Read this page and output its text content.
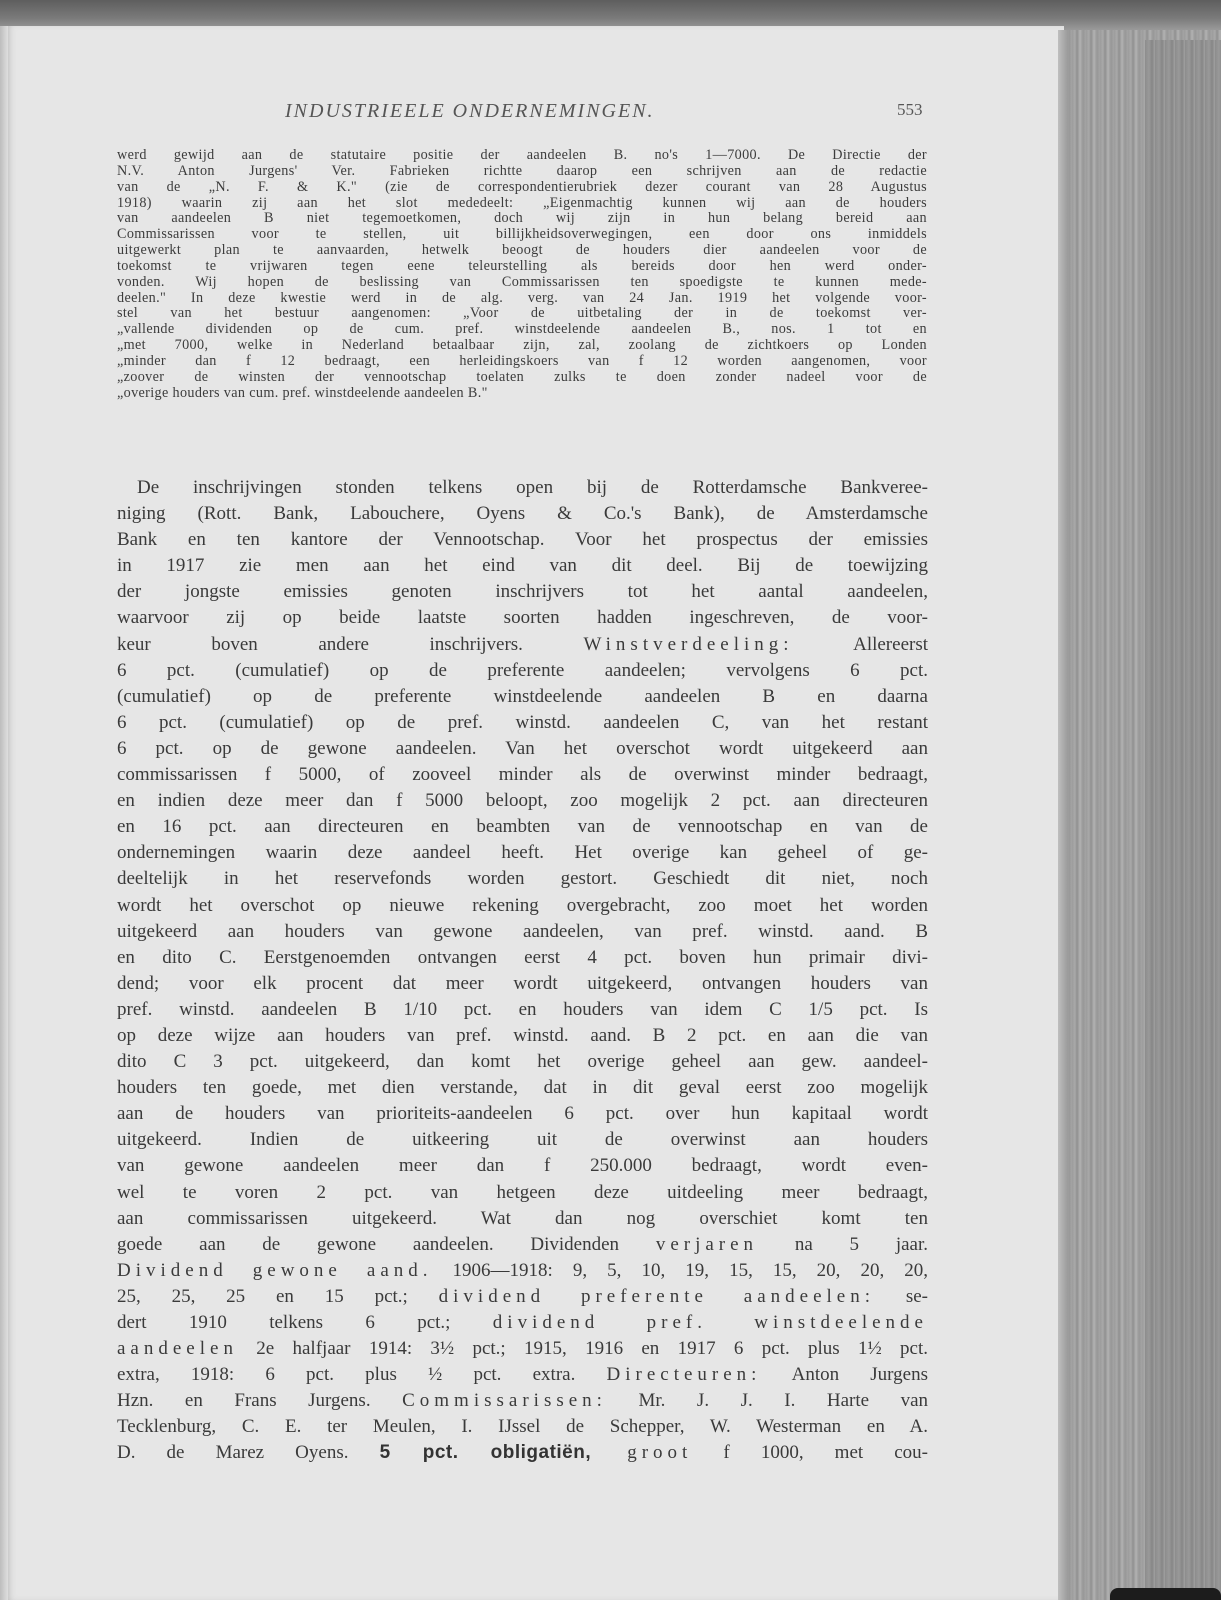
INDUSTRIEELE ONDERNEMINGEN.	553
werd gewijd aan de statutaire positie der aandeelen B. no's 1—7000. De Directie der
N.V. Anton Jurgens' Ver. Fabrieken richtte daarop een schrijven aan de redactie
van de „N. F. & K." (zie de correspondentierubriek dezer courant van 28 Augustus
1918) waarin zij aan het slot mededeelt: „Eigenmachtig kunnen wij aan de houders
van aandeelen B niet tegemoetkomen, doch wij zijn in hun belang bereid aan
Commissarissen voor te stellen, uit billijkheidsoverwegingen, een door ons inmiddels
uitgewerkt plan te aanvaarden, hetwelk beoogt de houders dier aandeelen voor de
toekomst te vrijwaren tegen eene teleurstelling als bereids door hen werd onder-
vonden. Wij hopen de beslissing van Commissarissen ten spoedigste te kunnen mede-
deelen." In deze kwestie werd in de alg. verg. van 24 Jan. 1919 het volgende voor-
stel van het bestuur aangenomen: „Voor de uitbetaling der in de toekomst ver-
„vallende dividenden op de cum. pref. winstdeelende aandeelen B., nos. 1 tot en
„met 7000, welke in Nederland betaalbaar zijn, zal, zoolang de zichtkoers op Londen
„minder dan f 12 bedraagt, een herleidingskoers van f 12 worden aangenomen, voor
„zoover de winsten der vennootschap toelaten zulks te doen zonder nadeel voor de
„overige houders van cum. pref. winstdeelende aandeelen B."
De inschrijvingen stonden telkens open bij de Rotterdamsche Bankveree-
niging (Rott. Bank, Labouchere, Oyens & Co.'s Bank), de Amsterdamsche
Bank en ten kantore der Vennootschap. Voor het prospectus der emissies
in 1917 zie men aan het eind van dit deel. Bij de toewijzing
der jongste emissies genoten inschrijvers tot het aantal aandeelen,
waarvoor zij op beide laatste soorten hadden ingeschreven, de voor-
keur boven andere inschrijvers. Winstverdeeling: Allereerst
6 pct. (cumulatief) op de preferente aandeelen; vervolgens 6 pct.
(cumulatief) op de preferente winstdeelende aandeelen B en daarna
6 pct. (cumulatief) op de pref. winstd. aandeelen C, van het restant
6 pct. op de gewone aandeelen. Van het overschot wordt uitgekeerd aan
commissarissen f 5000, of zooveel minder als de overwinst minder bedraagt,
en indien deze meer dan f 5000 beloopt, zoo mogelijk 2 pct. aan directeuren
en 16 pct. aan directeuren en beambten van de vennootschap en van de
ondernemingen waarin deze aandeel heeft. Het overige kan geheel of ge-
deeltelijk in het reservefonds worden gestort. Geschiedt dit niet, noch
wordt het overschot op nieuwe rekening overgebracht, zoo moet het worden
uitgekeerd aan houders van gewone aandeelen, van pref. winstd. aand. B
en dito C. Eerstgenoemden ontvangen eerst 4 pct. boven hun primair divi-
dend; voor elk procent dat meer wordt uitgekeerd, ontvangen houders van
pref. winstd. aandeelen B 1/10 pct. en houders van idem C 1/5 pct. Is
op deze wijze aan houders van pref. winstd. aand. B 2 pct. en aan die van
dito C 3 pct. uitgekeerd, dan komt het overige geheel aan gew. aandeel-
houders ten goede, met dien verstande, dat in dit geval eerst zoo mogelijk
aan de houders van prioriteits-aandeelen 6 pct. over hun kapitaal wordt
uitgekeerd. Indien de uitkeering uit de overwinst aan houders
van gewone aandeelen meer dan f 250.000 bedraagt, wordt even-
wel te voren 2 pct. van hetgeen deze uitdeeling meer bedraagt,
aan commissarissen uitgekeerd. Wat dan nog overschiet komt ten
goede aan de gewone aandeelen. Dividenden verjaren na 5 jaar.
Dividend gewone aand. 1906—1918: 9, 5, 10, 19, 15, 15, 20, 20, 20,
25, 25, 25 en 15 pct.; dividend preferente aandeelen: se-
dert 1910 telkens 6 pct.; dividend pref. winstdeelende
aandeelen 2e halfjaar 1914: 3½ pct.; 1915, 1916 en 1917 6 pct. plus 1½ pct.
extra, 1918: 6 pct. plus ½ pct. extra. Directeuren: Anton Jurgens
Hzn. en Frans Jurgens. Commissarissen: Mr. J. J. I. Harte van
Tecklenburg, C. E. ter Meulen, I. IJssel de Schepper, W. Westerman en A.
D. de Marez Oyens. 5 pct. obligatiën, groot f 1000, met cou-
